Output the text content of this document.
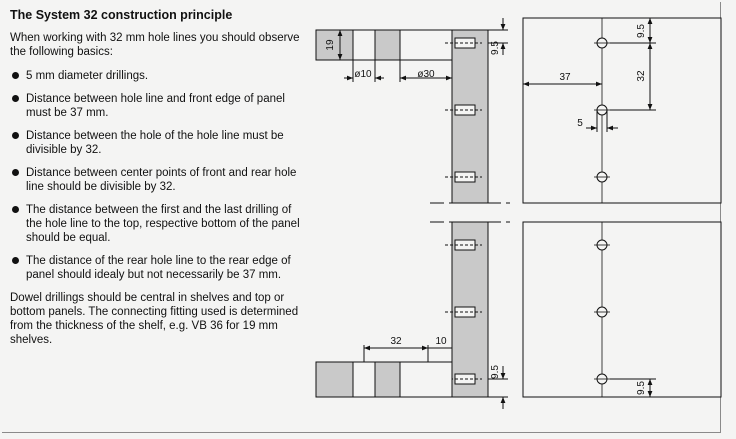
The System 32 construction principle

When working with 32 mm hole lines you should observe the following basics:

5 mm diameter drillings.
Distance between hole line and front edge of panel must be 37 mm.
Distance between the hole of the hole line must be divisible by 32.
Distance between center points of front and rear hole line should be divisible by 32.
The distance between the first and the last drilling of the hole line to the top, respective bottom of the panel should be equal.
The distance of the rear hole line to the rear edge of panel should idealy but not necessarily be 37 mm.

Dowel drillings should be central in shelves and top or bottom panels. The connecting fitting used is determined from the thickness of the shelf, e.g. VB 36 for 19 mm shelves.

19
ø10	ø30
9.5
32	10
9.5
37
9.5
32
5
9.5
